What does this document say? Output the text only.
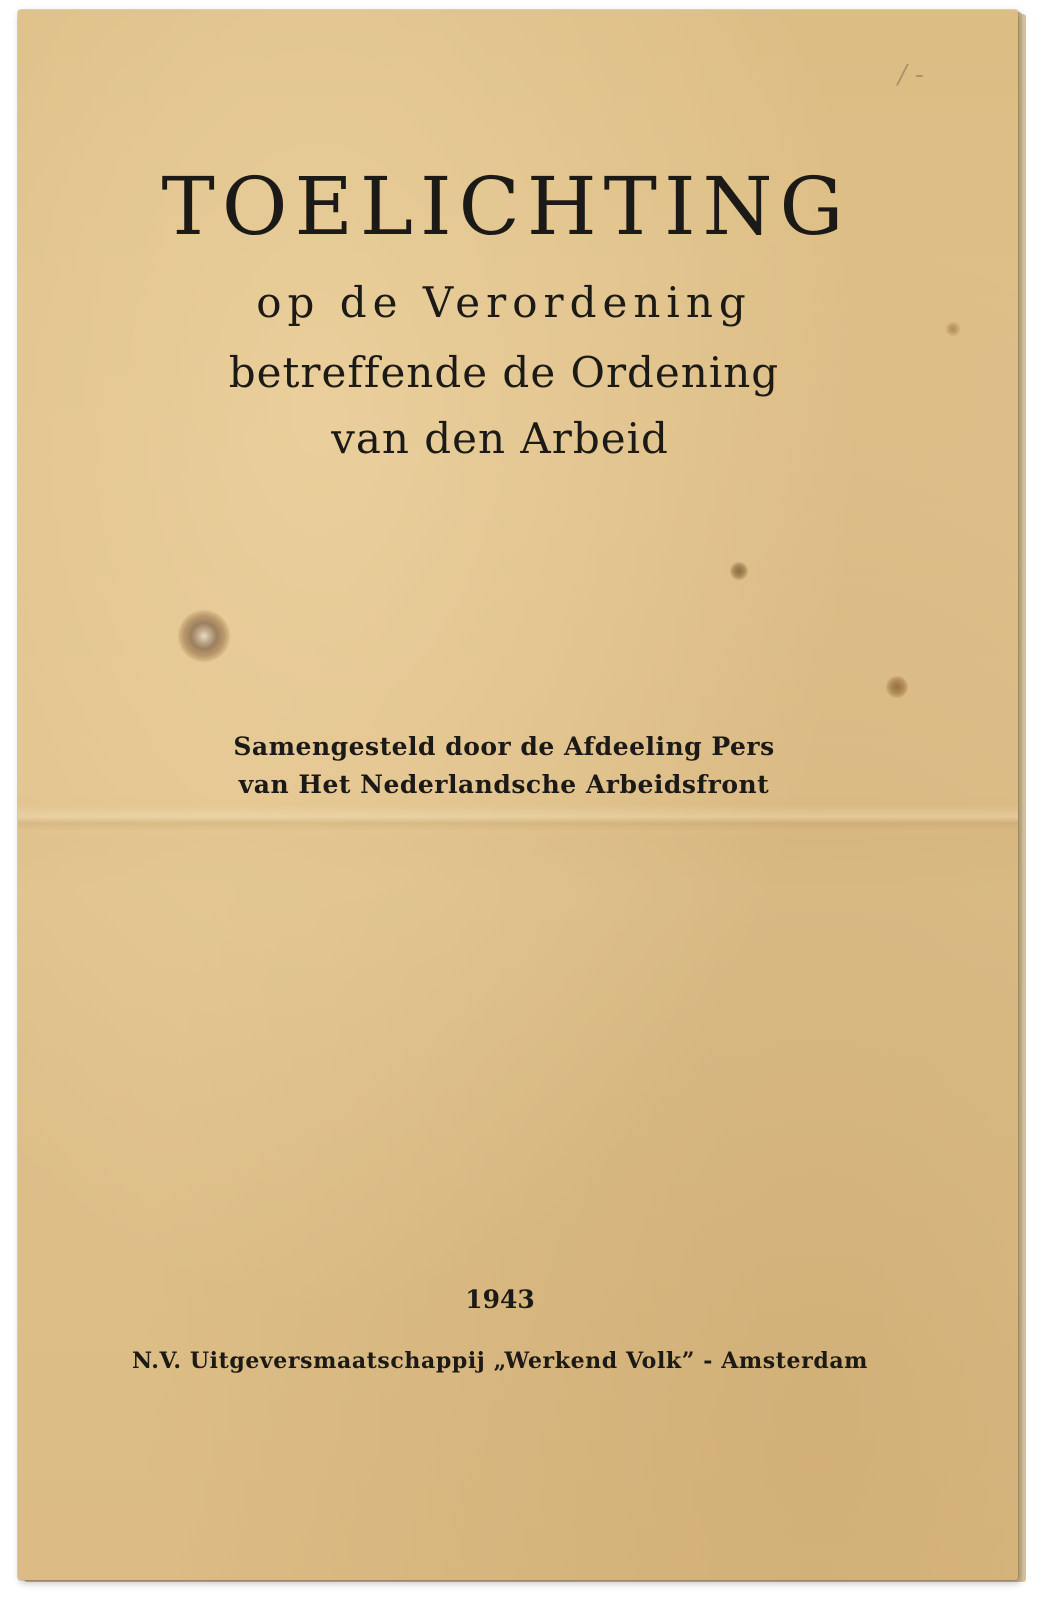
/ -
TOELICHTING
op de Verordening
betreffende de Ordening
van den Arbeid
Samengesteld door de Afdeeling Pers
van Het Nederlandsche Arbeidsfront
1943
N.V. Uitgeversmaatschappij „Werkend Volk” - Amsterdam
